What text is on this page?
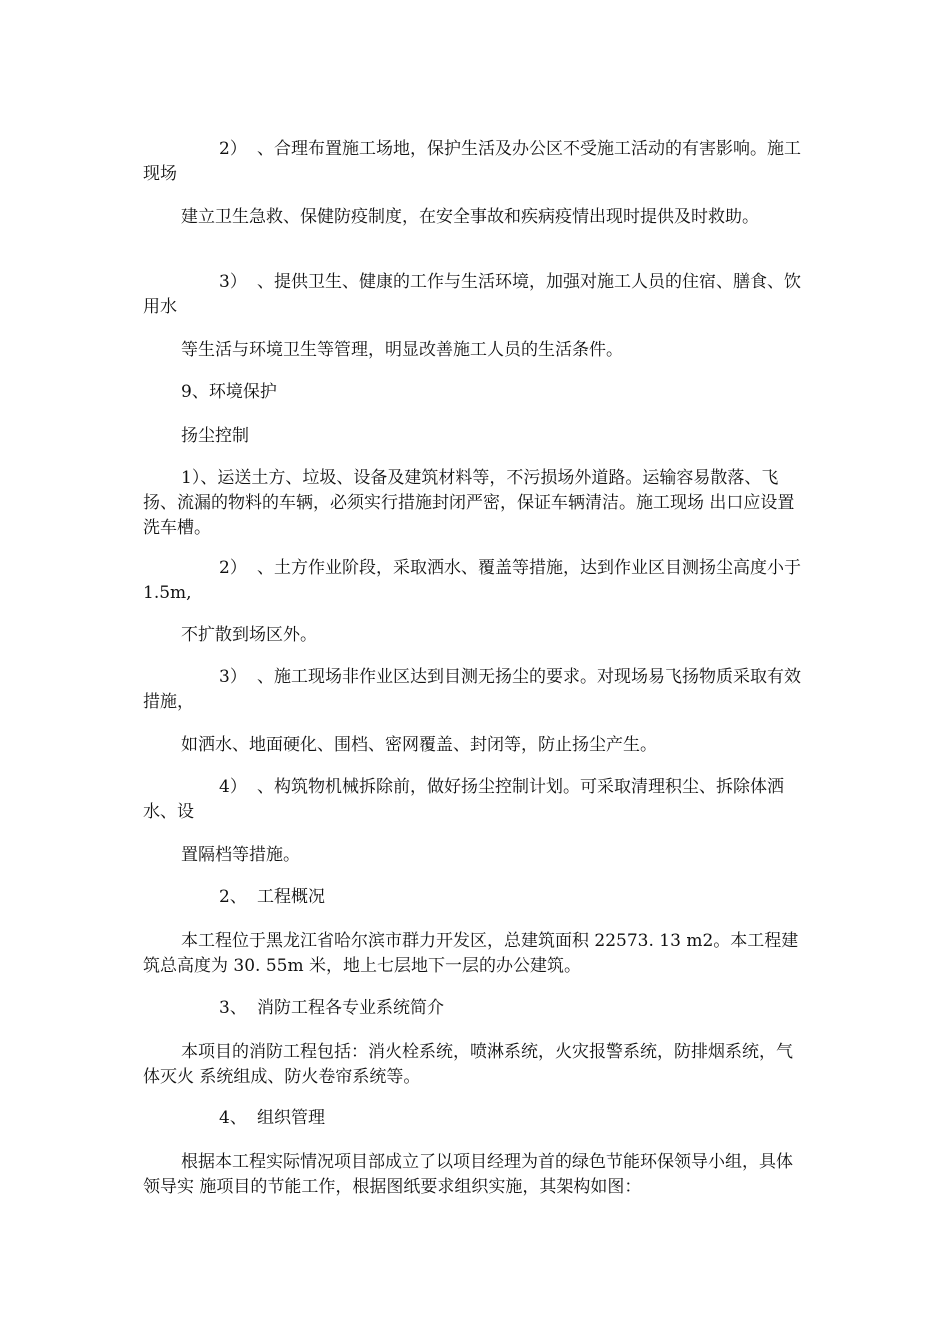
2） 、合理布置施工场地，保护生活及办公区不受施工活动的有害影响。施工现场

建立卫生急救、保健防疫制度，在安全事故和疾病疫情出现时提供及时救助。

3） 、提供卫生、健康的工作与生活环境，加强对施工人员的住宿、膳食、饮用水

等生活与环境卫生等管理，明显改善施工人员的生活条件。

9、环境保护

扬尘控制

1）、运送土方、垃圾、设备及建筑材料等，不污损场外道路。运输容易散落、飞 扬、流漏的物料的车辆，必须实行措施封闭严密，保证车辆清洁。施工现场 出口应设置洗车槽。

2） 、土方作业阶段，采取洒水、覆盖等措施，达到作业区目测扬尘高度小于 1.5m,

不扩散到场区外。

3） 、施工现场非作业区达到目测无扬尘的要求。对现场易飞扬物质采取有效措施，

如洒水、地面硬化、围档、密网覆盖、封闭等，防止扬尘产生。

4） 、构筑物机械拆除前，做好扬尘控制计划。可采取清理积尘、拆除体洒水、设

置隔档等措施。

2、 工程概况

本工程位于黑龙江省哈尔滨市群力开发区，总建筑面积 22573. 13 m2。本工程建筑总高度为 30. 55m 米，地上七层地下一层的办公建筑。

3、 消防工程各专业系统简介

本项目的消防工程包括：消火栓系统，喷淋系统，火灾报警系统，防排烟系统，气体灭火 系统组成、防火卷帘系统等。

4、 组织管理

根据本工程实际情况项目部成立了以项目经理为首的绿色节能环保领导小组，具体领导实 施项目的节能工作，根据图纸要求组织实施，其架构如图：
